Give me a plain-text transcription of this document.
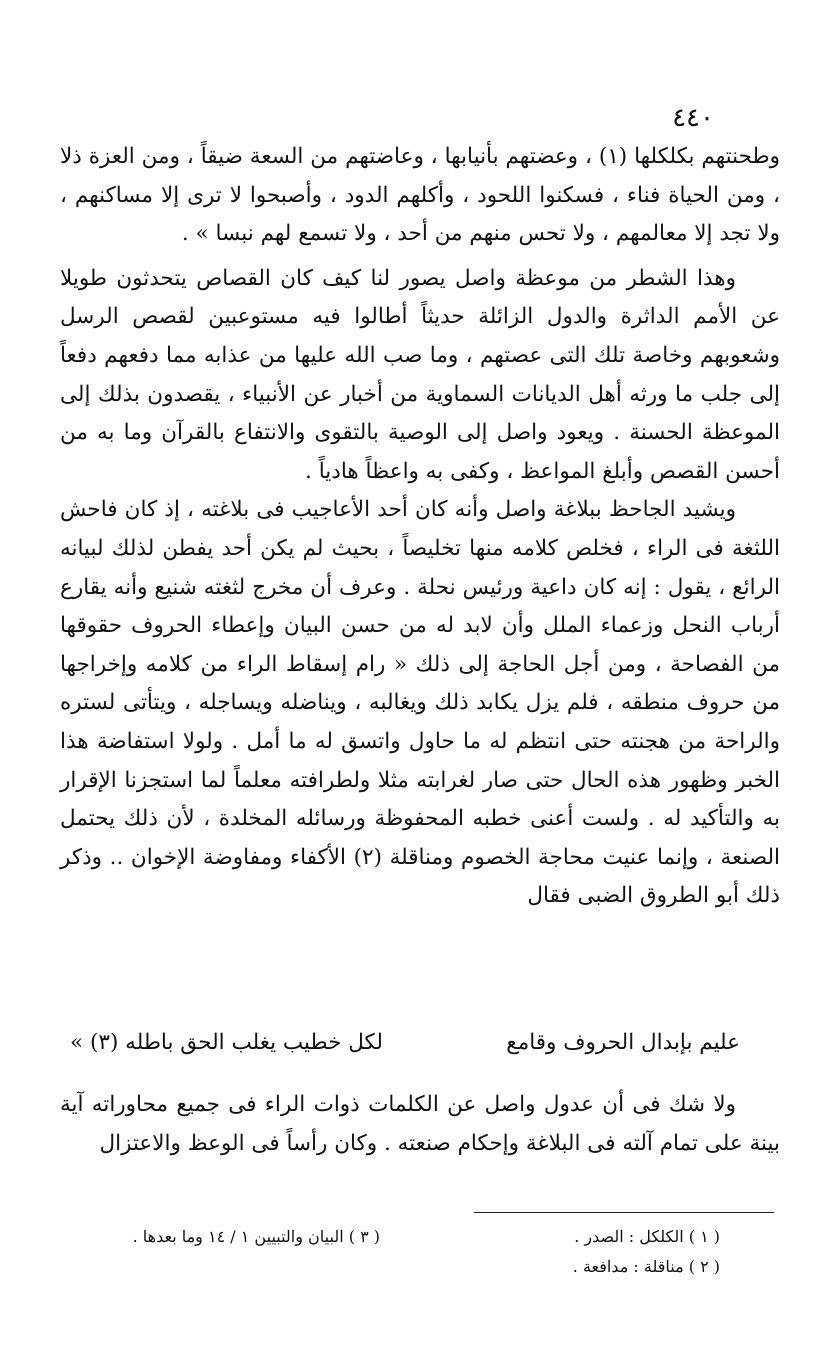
٤٤٠

وطحنتهم بكلكلها (١) ، وعضتهم بأنيابها ، وعاضتهم من السعة ضيقاً ، ومن العزة ذلا ، ومن الحياة فناء ، فسكنوا اللحود ، وأكلهم الدود ، وأصبحوا لا ترى إلا مساكنهم ، ولا تجد إلا معالمهم ، ولا تحس منهم من أحد ، ولا تسمع لهم نبسا » .

وهذا الشطر من موعظة واصل يصور لنا كيف كان القصاص يتحدثون طويلا عن الأمم الداثرة والدول الزائلة حديثاً أطالوا فيه مستوعبين لقصص الرسل وشعوبهم وخاصة تلك التى عصتهم ، وما صب الله عليها من عذابه مما دفعهم دفعاً إلى جلب ما ورثه أهل الديانات السماوية من أخبار عن الأنبياء ، يقصدون بذلك إلى الموعظة الحسنة . ويعود واصل إلى الوصية بالتقوى والانتفاع بالقرآن وما به من أحسن القصص وأبلغ المواعظ ، وكفى به واعظاً هادياً .

ويشيد الجاحظ ببلاغة واصل وأنه كان أحد الأعاجيب فى بلاغته ، إذ كان فاحش اللثغة فى الراء ، فخلص كلامه منها تخليصاً ، بحيث لم يكن أحد يفطن لذلك لبيانه الرائع ، يقول : إنه كان داعية ورئيس نحلة . وعرف أن مخرج لثغته شنيع وأنه يقارع أرباب النحل وزعماء الملل وأن لابد له من حسن البيان وإعطاء الحروف حقوقها من الفصاحة ، ومن أجل الحاجة إلى ذلك « رام إسقاط الراء من كلامه وإخراجها من حروف منطقه ، فلم يزل يكابد ذلك ويغالبه ، ويناضله ويساجله ، ويتأتى لستره والراحة من هجنته حتى انتظم له ما حاول واتسق له ما أمل . ولولا استفاضة هذا الخبر وظهور هذه الحال حتى صار لغرابته مثلا ولطرافته معلماً لما استجزنا الإقرار به والتأكيد له . ولست أعنى خطبه المحفوظة ورسائله المخلدة ، لأن ذلك يحتمل الصنعة ، وإنما عنيت محاجة الخصوم ومناقلة (٢) الأكفاء ومفاوضة الإخوان .. وذكر ذلك أبو الطروق الضبى فقال

عليم بإبدال الحروف وقامع
لكل خطيب يغلب الحق باطله (٣) »

ولا شك فى أن عدول واصل عن الكلمات ذوات الراء فى جميع محاوراته آية بينة على تمام آلته فى البلاغة وإحكام صنعته . وكان رأساً فى الوعظ والاعتزال

( ١ ) الكلكل : الصدر .
( ٣ ) البيان والتبيين ١ / ١٤ وما بعدها .
( ٢ ) مناقلة : مدافعة .
